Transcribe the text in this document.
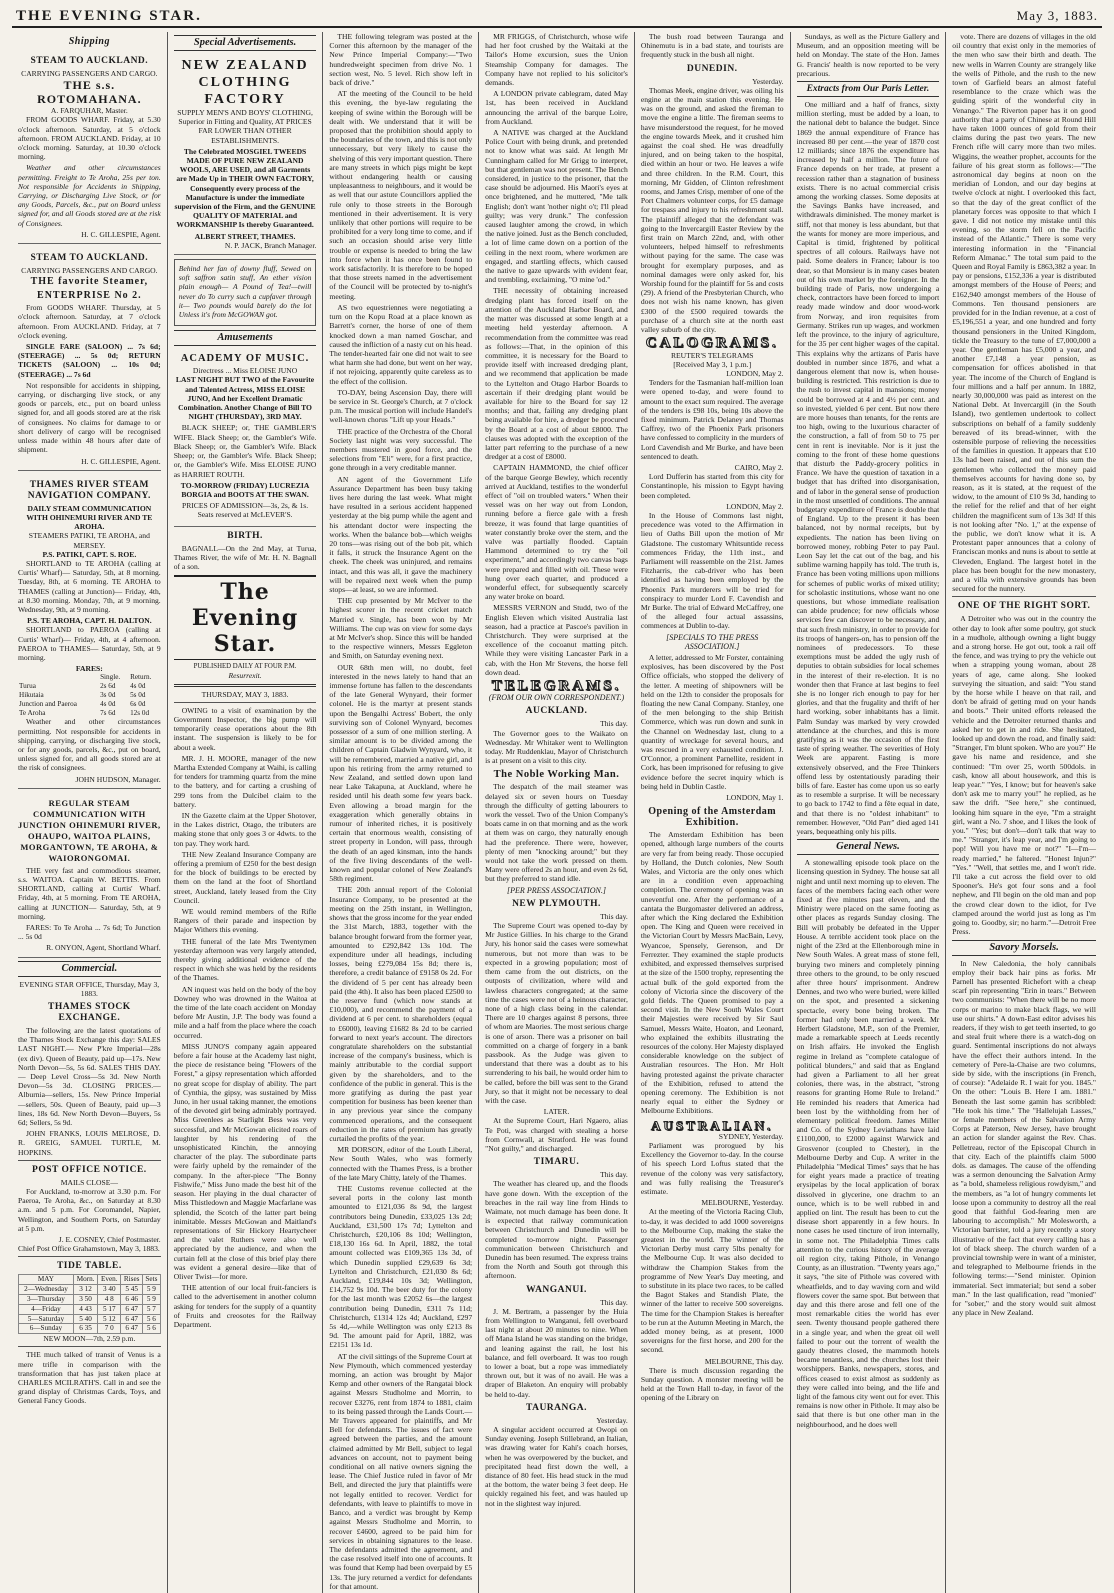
THE EVENING STAR.	May 3, 1883.
Shipping
STEAM TO AUCKLAND.
CARRYING PASSENGERS AND CARGO.
THE s.s. ROTOMAHANA.
A. FARQUHAR, Master.

FROM GOODS WHARF. Friday, at 5.30 o'clock afternoon. Saturday, at 5 o'clock afternoon. FROM AUCKLAND. Friday, at 10 o'clock morning. Saturday, at 10.30 o'clock morning.

Weather and other circumstances permitting. Freight to Te Aroha, 25s per ton. Not responsible for Accidents in Shipping, Carrying, or Discharging Live Stock, or for any Goods, Parcels, &c., put on Board unless signed for, and all Goods stored are at the risk of Consignees.

H. C. GILLESPIE, Agent.
STEAM TO AUCKLAND.
CARRYING PASSENGERS AND CARGO.
THE favorite Steamer, ENTERPRISE No 2.

From GOODS WHARF. Thursday, at 5 o'clock afternoon. Saturday, at 7 o'clock afternoon. From AUCKLAND. Friday, at 7 o'clock evening.

SINGLE FARE (SALOON) ... 7s 6d; (STEERAGE) ... 5s 0d; RETURN TICKETS (SALOON) ... 10s 0d; (STEERAGE) ... 7s 6d

Not responsible for accidents in shipping, carrying, or discharging live stock, or any goods or parcels, etc., put on board unless signed for, and all goods stored are at the risk of consignees. No claims for damage to or short delivery of cargo will be recognised unless made within 48 hours after date of shipment.

H. C. GILLESPIE, Agent.
THAMES RIVER STEAM NAVIGATION COMPANY.
DAILY STEAM COMMUNICATION WITH OHINEMURI RIVER AND TE AROHA.
STEAMERS PATIKI, TE AROHA, and MERSEY.
P.S. PATIKI, CAPT. S. ROE.

SHORTLAND to TE AROHA (calling at Curtis' Wharf)— Saturday, 5th, at 8 morning. Tuesday, 8th, at 6 morning. TE AROHA to THAMES (calling at Junction)— Friday, 4th, at 8.30 morning. Monday, 7th, at 9 morning. Wednesday, 9th, at 9 morning.

P.S. TE AROHA, CAPT. H. DALTON.

SHORTLAND to PAEROA (calling at Curtis' Wharf)— Friday, 4th, at 4 afternoon. PAEROA to THAMES— Saturday, 5th, at 9 morning.

FARES:
	Single.	Return.
Turua	2s 6d	4s 0d
Hikutaia	3s 0d	5s 0d
Junction and Paeroa	4s 0d	6s 0d
Te Aroha	7s 6d	12s 0d

Weather and other circumstances permitting. Not responsible for accidents in shipping, carrying, or discharging live stock, or for any goods, parcels, &c., put on board, unless signed for, and all goods stored are at the risk of consignees.

JOHN HUDSON, Manager.
REGULAR STEAM COMMUNICATION WITH JUNCTION OHINEMURI RIVER, OHAUPO, WAITOA PLAINS, MORGANTOWN, TE AROHA, & WAIORONGOMAI.

THE very fast and commodious steamer, s.s. WAITOA. Captain W. BETTIS. From SHORTLAND, calling at Curtis' Wharf. Friday, 4th, at 5 morning. From TE AROHA, calling at JUNCTION— Saturday, 5th, at 9 morning.

FARES: To Te Aroha ... 7s 6d; To Junction ... 5s 0d

R. ONYON, Agent, Shortland Wharf.
Commercial.
EVENING STAR OFFICE, Thursday, May 3, 1883.
THAMES STOCK EXCHANGE.

The following are the latest quotations of the Thames Stock Exchange this day: SALES LAST NIGHT.— New P'kre Imperial—28s (ex div). Queen of Beauty, paid up—17s. New North Devon—5s, 5s 6d. SALES THIS DAY.— Deep Level Cross—5s 3d. New North Devon—5s 3d. CLOSING PRICES.— Alburnia—sellers, 15s. New Prince Imperial—sellers, 50s. Queen of Beauty, paid up—3 lines, 18s 6d. New North Devon—Buyers, 5s 6d; Sellers, 5s 9d.

JOHN FRANKS, LOUIS MELROSE, D. R. GREIG, SAMUEL TURTLE, M. HOPKINS.

POST OFFICE NOTICE.
MAILS CLOSE—

For Auckland, to-morrow at 3.30 p.m. For Paeroa, Te Aroha, &c., on Saturday at 8.30 a.m. and 5 p.m. For Coromandel, Napier, Wellington, and Southern Ports, on Saturday at 5 p.m.

J. E. COSNEY, Chief Postmaster.
Chief Post Office Grahamstown, May 3, 1883.
TIDE TABLE.
MAY	Morn.	Even.	Rises	Sets
2—Wednesday	3 12	3 40	5 45	5 9
3—Thursday	3 50	4 8	6 46	5 9
4—Friday	4 43	5 17	6 47	5 7
5—Saturday	5 40	5 12	6 47	5 6
6—Sunday	6 35	7 0	6 47	5 6
NEW MOON—7th, 2.59 p.m.

THE much talked of transit of Venus is a mere trifle in comparison with the transformation that has just taken place at CHARLES MCILRATH'S. Call in and see the grand display of Christmas Cards, Toys, and General Fancy Goods.

Special Advertisements.
NEW ZEALAND CLOTHING FACTORY

SUPPLY MEN'S AND BOYS' CLOTHING, Superior in Fitting and Quality, AT PRICES FAR LOWER THAN OTHER ESTABLISHMENTS.

The Celebrated MOSGIEL TWEEDS MADE OF PURE NEW ZEALAND WOOLS, ARE USED, and all Garments are Made Up in THEIR OWN FACTORY, Consequently every process of the Manufacture is under the immediate supervision of the Firm, and the GENUINE QUALITY OF MATERIAL and WORKMANSHIP Is thereby Guaranteed.

ALBERT STREET, THAMES.
N. P. JACK, Branch Manager.

Behind her fan of downy fluff, Sewed on soft saffron satin stuff, An ether vision plain enough— A Pound of Tea!—twill never do To curry such a cupfaver through it— Two pounds would barely do the lot Unless it's from McGOWAN got.

Amusements
ACADEMY OF MUSIC.
Directress ... Miss ELOISE JUNO

LAST NIGHT BUT TWO of the Favourite and Talented Actress, MISS ELOISE JUNO, And her Excellent Dramatic Combination. Another Change of Bill TO NIGHT (THURSDAY), 3RD MAY.

BLACK SHEEP; or, THE GAMBLER'S WIFE. Black Sheep; or, the Gambler's Wife. Black Sheep; or, the Gambler's Wife. Black Sheep; or, the Gambler's Wife. Black Sheep; or, the Gambler's Wife. Miss ELOISE JUNO as HARRIET ROUTH.

TO-MORROW (FRIDAY) LUCREZIA BORGIA and BOOTS AT THE SWAN.

PRICES OF ADMISSION—3s, 2s, & 1s. Seats reserved at McLEVER'S.

BIRTH.

BAGNALL—On the 2nd May, at Turua, Thames River, the wife of Mr. H. N. Bagnall of a son.

The Evening Star.
PUBLISHED DAILY AT FOUR P.M.
Resurrexit.
THURSDAY, MAY 3, 1883.

OWING to a visit of examination by the Government Inspector, the big pump will temporarily cease operations about the 8th instant. The suspension is likely to be for about a week.

MR. J. H. MOORE, manager of the new Martha Extended Company at Waihi, is calling for tenders for tramming quartz from the mine to the battery, and for carting a crushing of 299 tons from the Dulcibel claim to the battery.

IN the Gazette claim at the Upper Shotover, in the Lakes district, Otago, the tributers are making stone that only goes 3 or 4dwts. to the ton pay. They work hard.

THE New Zealand Insurance Company are offering a premium of £250 for the best design for the block of buildings to be erected by them on the land at the foot of Shortland street, Auckland, lately leased from the City Council.

WE would remind members of the Rifle Rangers of their parade and inspection by Major Withers this evening.

THE funeral of the late Mrs Twentymen yesterday afternoon was very largely attended, thereby giving additional evidence of the respect in which she was held by the residents of the Thames.

AN inquest was held on the body of the boy Downey who was drowned in the Waitoa at the time of the late coach accident on Monday before Mr Austin, J.P. The body was found a mile and a half from the place where the coach occurred.

MISS JUNO'S company again appeared before a fair house at the Academy last night, the piece de resistance being "Flowers of the Forest," a gipsy representation which afforded no great scope for display of ability. The part of Cynthia, the gipsy, was sustained by Miss Juno, in her usual taking manner, the emotions of the devoted girl being admirably portrayed. Miss Greenlees as Starlight Bess was very successful, and Mr McGowan elicited roars of laughter by his rendering of the unsophisticated Kinchin, the annoying character of the play. The subordinate parts were fairly upheld by the remainder of the company. In the after-piece "The Bonny Fishwife," Miss Juno made the best hit of the season. Her playing in the dual character of Miss Thistledown and Maggie Macfarlane was splendid, the Scotch of the latter part being inimitable. Messrs McGowan and Maitland's representations of Sir Hickory Heartycheer and the valet Ruthers were also well appreciated by the audience, and when the curtain fell at the close of this brief play there was evident a general desire—like that of Oliver Twist—for more.

THE attention of our local fruit-fanciers is called to the advertisement in another column asking for tenders for the supply of a quantity of Fruits and creosotes for the Railway Department.

THE following telegram was posted at the Corner this afternoon by the manager of the New Prince Imperial Company:—"Two hundredweight specimen from drive No. 1 section west, No. 5 level. Rich show left in back of drive."

AT the meeting of the Council to be held this evening, the bye-law regulating the keeping of swine within the Borough will be dealt with. We understand that it will be proposed that the prohibition should apply to the boundaries of the town, and this is not only unnecessary, but very likely to cause the shelving of this very important question. There are many streets in which pigs might be kept without endangering health or causing unpleasantness to neighbours, and it would be as well that our astute Councillors applied the rule only to those streets in the Borough mentioned in their advertisement. It is very unlikely that other portions will require to be prohibited for a very long time to come, and if such an occasion should arise very little trouble or expense is needed to bring the law into force when it has once been found to work satisfactorily. It is therefore to be hoped that those streets named in the advertisement of the Council will be protected by to-night's meeting.

AS two equestriennes were negotiating a turn on the Kopu Road at a place known as Barrett's corner, the horse of one of them knocked down a man named Goschar, and caused the infliction of a nasty cut on his head. The tender-hearted fair one did not wait to see what harm she had done, but went on her way, if not rejoicing, apparently quite careless as to the effect of the collision.

TO-DAY, being Ascension Day, there will be service in St. George's Church, at 7 o'clock p.m. The musical portion will include Handel's well-known chorus "Lift up your Heads."

THE practice of the Orchestra of the Choral Society last night was very successful. The members mustered in good force, and the selections from "Eli" were, for a first practice, gone through in a very creditable manner.

AN agent of the Government Life Assurance Department has been busy taking lives here during the last week. What might have resulted in a serious accident happened yesterday at the big pump while the agent and his attendant doctor were inspecting the works. When the balance bob—which weighs 20 tons—was rising out of the bob pit, which it falls, it struck the Insurance Agent on the cheek. The cheek was uninjured, and remains intact, and this was all, it gave the machinery will be repaired next week when the pump stops—at least, so we are informed.

THE cup presented by Mr McIver to the highest scorer in the recent cricket match Married v. Single, has been won by Mr Williams. The cup was on view for some days at Mr McIver's shop. Since this will be handed to the respective winners, Messrs Eggleton and Smith, on Saturday evening next.

OUR 68th men will, no doubt, feel interested in the news lately to hand that an immense fortune has fallen to the descendants of the late General Wynyard, their former colonel. He is the martyr at present stands upon the Bengalhi Actress' Bobert, the only surviving son of Colonel Wynyard, becomes possessor of a sum of one million sterling. A similar amount is to be divided among the children of Captain Gladwin Wynyard, who, it will be remembered, married a native girl, and upon his retiring from the army returned to New Zealand, and settled down upon land near Lake Takapuna, at Auckland, where he resided until his death some few years back. Even allowing a broad margin for the exaggeration which generally obtains in rumour of inherited riches, it is positively certain that enormous wealth, consisting of street property in London, will pass, through the death of an aged kinsman, into the hands of the five living descendants of the well-known and popular colonel of New Zealand's 58th regiment.

THE 20th annual report of the Colonial Insurance Company, to be presented at the meeting on the 25th instant, in Wellington, shows that the gross income for the year ended the 31st March, 1883, together with the balance brought forward from the former year, amounted to £292,842 13s 10d. The expenditure under all headings, including losses, being £279,084 15s 8d; there is, therefore, a credit balance of £9158 0s 2d. For the dividend of 5 per cent has already been paid (the 4th). It also has been placed £2500 to the reserve fund (which now stands at £10,000), and recommend the payment of a dividend at 6 per cent. to shareholders (equal to £6000), leaving £1682 8s 2d to be carried forward to next year's account. The directors congratulate shareholders on the substantial increase of the company's business, which is mainly attributable to the cordial support given by the shareholders, and to the confidence of the public in general. This is the more gratifying as during the past year competition for business has been keener than in any previous year since the company commenced operations, and the consequent reduction in the rates of premium has greatly curtailed the profits of the year.

MR DORSON, editor of the Louth Liberal, New South Wales, who was formerly connected with the Thames Press, is a brother of the late Mary Chitty, lately of the Thames.

THE Customs revenue collected at the several ports in the colony last month amounted to £121,036 8s 9d, the largest contributors being Dunedin, £33,025 13s 2d; Auckland, £31,500 17s 7d; Lyttelton and Christchurch, £20,106 8s 10d; Wellington, £18,130 16s 6d. In April, 1882, the total amount collected was £109,365 13s 3d, of which Dunedin supplied £29,639 6s 3d; Lyttelton and Christchurch, £21,030 8s 6d; Auckland, £19,844 10s 3d; Wellington, £14,752 9s 10d. The beer duty for the colony for the last month was £2052 6s—the largest contribution being Dunedin, £311 7s 11d; Christchurch, £1314 12s 4d; Auckland, £297 5s 4d,—while Wellington was only £213 8s 9d. The amount paid for April, 1882, was £2151 13s 1d.

AT the civil sittings of the Supreme Court at New Plymouth, which commenced yesterday morning, an action was brought by Major Kemp and other owners of the Rangatai block against Messrs Studholme and Morrin, to recover £3276, rent from 1874 to 1881, claim to its being passed through the Lands Court.—Mr Travers appeared for plaintiffs, and Mr Bell for defendants. The issues of fact were agreed between the parties, and the amount claimed admitted by Mr Bell, subject to legal advances on account, not to payment being conditional on all native owners signing the lease. The Chief Justice ruled in favor of Mr Bell, and directed the jury that plaintiffs were not legally entitled to recover. Verdict for defendants, with leave to plaintiffs to move in Banco, and a verdict was brought by Kemp against Messrs Studholme and Morrin, to recover £4600, agreed to be paid him for services in obtaining signatures to the lease. The defendants admitted the agreement, and the case resolved itself into one of accounts. It was found that Kemp had been overpaid by £5 13s. The jury returned a verdict for defendants for that amount.

MR FRIGGS, of Christchurch, whose wife had her foot crushed by the Waitaki at the Tailor's Home excursion, sues the Union Steamship Company for damages. The Company have not replied to his solicitor's demands.

A LONDON private cablegram, dated May 1st, has been received in Auckland announcing the arrival of the barque Loire, from Auckland.

A NATIVE was charged at the Auckland Police Court with being drunk, and pretended not to know what was said. At length Mr Cunningham called for Mr Grigg to interpret, but that gentleman was not present. The Bench considered, in justice to the prisoner, that the case should be adjourned. His Maori's eyes at once brightened, and he muttered, "Me talk English; don't want 'nother night o't; I'll plead guilty; was very drunk." The confession caused laughter among the crowd, in which the native joined. Just as the Bench concluded, a lot of lime came down on a portion of the ceiling in the next room, where workmen are engaged, and startling effects, which caused the native to gaze upwards with evident fear, and trembling, exclaiming, "O mine 'od."

THE necessity of obtaining increased dredging plant has forced itself on the attention of the Auckland Harbor Board, and the matter was discussed at some length at a meeting held yesterday afternoon. A recommendation from the committee was read as follows:—That, in the opinion of this committee, it is necessary for the Board to provide itself with increased dredging plant, and we recommend that application be made to the Lyttelton and Otago Harbor Boards to ascertain if their dredging plant would be available for hire to the Board for say 12 months; and that, failing any dredging plant being available for hire, a dredger be procured by the Board at a cost of about £8000. The clauses was adopted with the exception of the latter part referring to the purchase of a new dredger at a cost of £8000.

CAPTAIN HAMMOND, the chief officer of the barque George Bewley, which recently arrived at Auckland, testifies to the wonderful effect of "oil on troubled waters." When their vessel was on her way out from London, running before a fierce gale with a fresh breeze, it was found that large quantities of water constantly broke over the stern, and the valve was partially flooded. Captain Hammond determined to try the "oil experiment," and accordingly two canvas bags were prepared and filled with oil. These were hung over each quarter, and produced a wonderful effect, for subsequently scarcely any water broke on board.

MESSRS VERNON and Studd, two of the English Eleven which visited Australia last season, had a practice at Pascoe's pavilion in Christchurch. They were surprised at the excellence of the cocoanut matting pitch. While they were visiting Lancaster Park in a cab, with the Hon Mr Stevens, the horse fell down dead.

TELEGRAMS.
(FROM OUR OWN CORRESPONDENT.)
AUCKLAND.
This day.

The Governor goes to the Waikato on Wednesday. Mr Whitaker went to Wellington today. Mr Ruddenklau, Mayor of Christchurch is at present on a visit to this city.

The Noble Working Man.

The despatch of the mail steamer was delayed six or seven hours on Tuesday through the difficulty of getting labourers to work the vessel. Two of the Union Company's boats came in on that morning and as the work at them was on cargo, they naturally enough had the preference. There were, however, plenty of men "knocking around;" but they would not take the work pressed on them. Many were offered 2s an hour, and even 2s 6d, but they preferred to stand idle.

[PER PRESS ASSOCIATION.]
NEW PLYMOUTH.
This day.

The Supreme Court was opened to-day by Mr Justice Gillies. In his charge to the Grand Jury, his honor said the cases were somewhat numerous, but not more than was to be expected in a growing population; most of them came from the out districts, on the outposts of civilization, where wild and lawless characters congregated; at the same time the cases were not of a heinous character, none of a high class being in the calendar. There are 10 charges against 8 persons, three of whom are Maories. The most serious charge is one of arson. There was a prisoner on bail committed on a charge of forgery in a bank passbook. As the Judge was given to understand that there was a doubt as to his surrendering to his bail, he would order him to be called, before the bill was sent to the Grand Jury, so that it might not be necessary to deal with the case.

LATER.

At the Supreme Court, Hari Ngaero, alias Te Poti, was charged with stealing a horse from Cornwall, at Stratford. He was found "Not guilty," and discharged.

TIMARU.
This day.

The weather has cleared up, and the floods have gone down. With the exception of the breaches in the rail way line from Hinds to Waimate, not much damage has been done. It is expected that railway communication between Christchurch and Dunedin will be completed to-morrow night. Passenger communication between Christchurch and Dunedin has been resumed. The express trains from the North and South got through this afternoon.

WANGANUI.
This day.

J. M. Bertram, a passenger by the Huia from Wellington to Wanganui, fell overboard last night at about 20 minutes to nine. When off Mana Island he was standing on the bridge, and leaning against the rail, he lost his balance, and fell overboard. It was too rough to lower a boat, but a rope was immediately thrown out, but it was of no avail. He was a draper of Blaketon. An enquiry will probably be held to-day.

TAURANGA.
Yesterday.

A singular accident occurred at Owopi on Sunday evening. Joseph Stillebrand, an Italian, was drawing water for Kahi's coach horses, when he was overpowered by the bucket, and precipitated head first down the well, a distance of 80 feet. His head stuck in the mud at the bottom, the water being 3 feet deep. He quickly regained his feet, and was hauled up not in the slightest way injured.

The bush road between Tauranga and Ohinemutu is in a bad state, and tourists are frequently stuck in the bush all night.

DUNEDIN.
Yesterday.

Thomas Meek, engine driver, was oiling his engine at the main station this evening. He was on the ground, and asked the fireman to move the engine a little. The fireman seems to have misunderstood the request, for he moved the engine towards Meek, and it crushed him against the coal shed. He was dreadfully injured, and on being taken to the hospital, died within an hour or two. He leaves a wife and three children. In the R.M. Court, this morning, Mr Gidden, of Clinton refreshment rooms, and James Crisp, member of one of the Port Chalmers volunteer corps, for £5 damage for trespass and injury to his refreshment stall. The plaintiff alleged that the defendant was going to the Invercargill Easter Review by the first train on March 22nd, and, with other volunteers, helped himself to refreshments without paying for the same. The case was brought for exemplary purposes, and as nominal damages were only asked for, his Worship found for the plaintiff for 5s and costs (29). A friend of the Presbyterian Church, who does not wish his name known, has given £300 of the £500 required towards the purchase of a church site at the north east valley suburb of the city.

CALOGRAMS.
REUTER'S TELEGRAMS
[Received May 3, 1 p.m.]
LONDON, May 2.

Tenders for the Tasmanian half-million loan were opened to-day, and were found to amount to the exact sum required. The average of the tenders is £98 10s, being 10s above the fixed minimum. Patrick Delaney and Thomas Caffrey, two of the Phoenix Park prisoners have confessed to complicity in the murders of Lord Cavendish and Mr Burke, and have been sentenced to death.

CAIRO, May 2.

Lord Dufferin has started from this city for Constantinople, his mission to Egypt having been completed.

LONDON, May 2.

In the House of Commons last night, precedence was voted to the Affirmation in lieu of Oaths Bill upon the motion of Mr Gladstone. The customary Whitsuntide recess commences Friday, the 11th inst., and Parliament will reassemble on the 21st. James Fitzharris, the cab-driver who has been identified as having been employed by the Phoenix Park murderers will be tried for conspiracy to murder Lord F. Cavendish and Mr Burke. The trial of Edward McCaffrey, one of the alleged four actual assassins, commences at Dublin to-day.

[SPECIALS TO THE PRESS ASSOCIATION.]

A letter, addressed to Mr Forster, containing explosives, has been discovered by the Post Office officials, who stopped the delivery of the letter. A meeting of shipowners will be held on the 12th to consider the proposals for floating the new Canal Company. Stanley, one of the men belonging to the ship British Commerce, which was run down and sunk in the Channel on Wednesday last, clung to a quantity of wreckage for several hours, and was rescued in a very exhausted condition. J. O'Connor, a prominent Parnellite, resident in Cork, has been imprisoned for refusing to give evidence before the secret inquiry which is being held in Dublin Castle.

LONDON, May 1.
Opening of the Amsterdam Exhibition.

The Amsterdam Exhibition has been opened, although large numbers of the courts are very far from being ready. Those occupied by Holland, the Dutch colonies, New South Wales, and Victoria are the only ones which are in a condition even approaching completion. The ceremony of opening was an uneventful one. After the performance of a cantata the Burgomaster delivered an address, after which the King declared the Exhibition open. The King and Queen were received in the Victorian Court by Messrs MacBain, Levy, Wyancoe, Spensely, Gerenson, and Dr Ferrezter. They examined the staple products exhibited, and expressed themselves surprised at the size of the 1500 trophy, representing the actual bulk of the gold exported from the colony of Victoria since the discovery of the gold fields. The Queen promised to pay a second visit. In the New South Wales Court their Majesties were received by Sir Saul Samuel, Messrs Waite, Hoaton, and Leonard, who explained the exhibits illustrating the resources of the colony. Her Majesty displayed considerable knowledge on the subject of Australian resources. The Hon. Mr Holt having protested against the private character of the Exhibition, refused to attend the opening ceremony. The Exhibition is not nearly equal to either the Sydney or Melbourne Exhibitions.

AUSTRALIAN.
SYDNEY, Yesterday.

Parliament was prorogued by his Excellency the Governor to-day. In the course of his speech Lord Loftus stated that the revenue of the colony was very satisfactory, and was fully realising the Treasurer's estimate.

MELBOURNE, Yesterday.

At the meeting of the Victoria Racing Club, to-day, it was decided to add 1000 sovereigns to the Melbourne Cup, making the stake the greatest in the world. The winner of the Victorian Derby must carry 5lbs penalty for the Melbourne Cup. It was also decided to withdraw the Champion Stakes from the programme of New Year's Day meeting, and to substitute in its place two races, to be called the Bagot Stakes and Standish Plate, the winner of the latter to receive 500 sovereigns. The time for the Champion Stakes is hereafter to be run at the Autumn Meeting in March, the added money being, as at present, 1000 sovereigns for the first horse, and 200 for the second.

MELBOURNE, This day.

There is much discussion regarding the Sunday question. A monster meeting will be held at the Town Hall to-day, in favor of the opening of the Library on

Sundays, as well as the Picture Gallery and Museum, and an opposition meeting will be held on Monday. The state of the Hon. James G. Francis' health is now reported to be very precarious.

Extracts from Our Paris Letter.

One milliard and a half of francs, sixty million sterling, must be added by a loan, to the national debt to balance the budget. Since 1869 the annual expenditure of France has increased 80 per cent.—the year of 1870 cost 12 milliards; since 1876 the expenditure has increased by half a million. The future of France depends on her trade, at present a recession rather than a stagnation of business exists. There is no actual commercial crisis among the working classes. Some deposits at the Savings Banks have increased, and withdrawals diminished. The money market is stiff, not that money is less abundant, but that the wants for money are more imperious, and Capital is timid, frightened by political spectres of all colours. Railways have not paid. Some dealers in France; labour is too dear, so that Monsieur is in many cases beaten out of his own market by the foreigner. In the building trade of Paris, now undergoing a check, contractors have been forced to import ready made window and door wood-work from Norway, and iron requisites from Germany. Strikes run up wages, and workmen left the province, to the injury of agriculture, for the 35 per cent higher wages of the capital. This explains why the artizans of Paris have doubled in number since 1876, and what a dangerous element that now is, when house-building is restricted. This restriction is due to the rush to invest capital in mansions; money could be borrowed at 4 and 4½ per cent. and so invested, yielded 6 per cent. But now there are more houses than tenants, for the rents are too high, owing to the luxurious character of the construction, a fall of from 50 to 75 per cent in rent is inevitable. Nor is it just the coming to the front of these home questions that disturb the Paddy-grocery politics in France. We have the question of taxation in a budget that has drifted into disorganisation, and of labor in the general sense of production in the most unsettled of conditions. The annual budgetary expenditure of France is double that of England. Up to the present it has been balanced, not by normal receipts, but by expedients. The nation has been living on borrowed money, robbing Peter to pay Paul. Leon Say let the cat out of the bag, and his sublime warning happily has told. The truth is, France has been voting millions upon millions for schemes of public works of mixed utility; for scholastic institutions, whose want no one questions, but whose immediate realisation can abide prudence; for new officials whose services few can discover to be necessary, and that such fresh ministry, in order to provide for its troops of hangers-on, has to pension off the nominees of predecessors. To these exemptions must be added the ugly rush of deputies to obtain subsidies for local schemes in the interest of their re-election. It is no wonder then that France at last begins to feel she is no longer rich enough to pay for her glories, and that the frugality and thrift of her hard working, sober inhabitants has a limit. Palm Sunday was marked by very crowded attendance at the churches, and this is more gratifying as it was the occasion of the first taste of spring weather. The severities of Holy Week are apparent. Fasting is more extensively observed, and the Free Thinkers offend less by ostentatiously parading their bills of fare. Easter has come upon us so early as to resemble a surprise. It will be necessary to go back to 1742 to find a fête equal in date, and that there is no "oldest inhabitant" to remember. However, "Old Parr" died aged 141 years, bequeathing only his pills.

General News.

A stonewalling episode took place on the licensing question in Sydney. The house sat all night and until next morning up to eleven. The faces of the members facing each other were fixed at five minutes past eleven, and the Ministry were placed on the same footing as other places as regards Sunday closing. The Bill will probably be defeated in the Upper House. A terrible accident took place on the night of the 23rd at the Ellenborough mine in New South Wales. A great mass of stone fell, burying two miners and completely pinning three others to the ground, to be only rescued after three hours' imprisonment. Andrew Dennes, and two who were buried, were killed on the spot, and presented a sickening spectacle, every bone being broken. The former had only been married a week. Mr Herbert Gladstone, M.P., son of the Premier, made a remarkable speech at Leeds recently on Irish affairs. He invoked the English regime in Ireland as "complete catalogue of political blunders," and said that as England had given a Parliament to all her great colonies, there was, in the abstract, "strong reasons for granting Home Rule to Ireland." He reminded his readers that America had been lost by the withholding from her of elementary political freedom. James Miller and Co. of the Sydney Leviathans have laid £1100,000, to £2000 against Warwick and Grosvenor (coupled to Chester), in the Melbourne Derby and Cup. A writer in the Philadelphia "Medical Times" says that he has for eight years made a practice of treating erysipelas by the local application of borax dissolved in glycerine, one drachm to an ounce, which is to be well rubbed in and applied on lint. The result has been to cut the disease short apparently in a few hours. In none cases he used tincture of iron internally, in some not. The Philadelphia Times calls attention to the curious history of the average oil region city, taking Pithole, in Venango County, as an illustration. "Twenty years ago," it says, "the site of Pithole was covered with wheatfields, and to day waving corn and wild flowers cover the same spot. But between that day and this there arose and fell one of the most remarkable cities the world has ever seen. Twenty thousand people gathered there in a single year, and when the great oil well failed to pour out the torrent of wealth the gaudy theatres closed, the mammoth hotels became tenantless, and the churches lost their worshippers. Banks, newspapers, stores, and offices ceased to exist almost as suddenly as they were called into being, and the life and light of the famous city went out for ever. This remains is now other in Pithole. It may also be said that there is but one other man in the neighbourhood, and he does well

vote. There are dozens of villages in the old oil country that exist only in the memories of the men who saw their birth and death. The new wells in Warren County are strangely like the wells of Pithole, and the rush to the new town of Garfield bears an almost fateful resemblance to the craze which was the guiding spirit of the wonderful city in Venango." The Riverton paper has it on good authority that a party of Chinese at Round Hill have taken 1000 ounces of gold from their claims during the past two years. The new French rifle will carry more than two miles. Wiggins, the weather prophet, accounts for the failure of his great storm as follows:—"The astronomical day begins at noon on the meridian of London, and our day begins at twelve o'clock at night. I overlooked this fact, so that the day of the great conflict of the planetary forces was opposite to that which I gave. I did not notice my mistake until this evening, so the storm fell on the Pacific instead of the Atlantic." There is some very interesting information in the "Financial Reform Almanac." The total sum paid to the Queen and Royal Family is £863,382 a year. In pay or pensions, £152,336 a year is distributed amongst members of the House of Peers; and £162,940 amongst members of the House of Commons. Ten thousand pensioners are provided for in the Indian revenue, at a cost of £5,196,551 a year, and one hundred and forty thousand pensioners in the United Kingdom, tickle the Treasury to the tune of £7,000,000 a year. One gentleman has £5,000 a year, and another £7,148 a year pension, as compensation for offices abolished in that year. The income of the Church of England is four millions and a half per annum. In 1882, nearly 30,000,000 was paid as interest on the National Debt. At Invercargill (in the South Island), two gentlemen undertook to collect subscriptions on behalf of a family suddenly bereaved of its bread-winner, with the ostensible purpose of relieving the necessities of the families in question. It appears that £10 13s had been raised, and out of this sum the gentlemen who collected the money paid themselves accounts for having done so, by reason, as it is stated, at the request of the widow, to the amount of £10 9s 3d, handing to the relief for the relief and that of her eight children the magnificent sum of 13s 3d! If this is not looking after "No. 1," at the expense of the public, we don't know what it is. A Protestant paper announces that a colony of Franciscan monks and nuns is about to settle at Cleveden, England. The largest hotel in the place has been bought for the new monastery, and a villa with extensive grounds has been secured for the nunnery.

ONE OF THE RIGHT SORT.

A Detroiter who was out in the country the other day to look after some poultry, got stuck in a mudhole, although owning a light buggy and a strong horse. He got out, took a rail off the fence, and was trying to pry the vehicle out when a strapping young woman, about 28 years of age, came along. She looked surveying the situation, and said: "You stand by the horse while I heave on that rail, and don't be afraid of getting mud on your hands and boots." Their united efforts released the vehicle and the Detroiter returned thanks and asked her to get in and ride. She hesitated, looked up and down the road, and finally said: "Stranger, I'm blunt spoken. Who are you?" He gave his name and residence, and she continued: "I'm over 25, worth 500dols. in cash, know all about housework, and this is leap year." "Yes, I know; but for heaven's sake don't ask me to marry you!" he replied, as he saw the drift. "See here," she continued, looking him square in the eye, "I'm a straight girl, want a No. 7 shoe, and I likes the look of you." "Yes; but don't—don't talk that way to me." "Stranger, it's leap year, and I'm going to pop! Will you have me or not?" "I—I'm—ready married," he faltered. "Honest Injun?" "Yes." "Well, that settles me, and I won't ride. I'll take a cut across the field over to old Spooner's. He's got four sons and a fool nephew, and I'll begin on the old man and pop the crowd clear down to the idiot, for I've clamped around the world just as long as I'm going to. Goodby, sir; no harm."—Detroit Free Press.

Savory Morsels.

In New Caledonia, the holy cannibals employ their back hair pins as forks. Mr Parnell has presented Richefort with a cheap scarf pin representing "Erin in tears." Between two communists: "When there will be no more corps or marino to make black flags, we will use our shirts." A down-East editor advises his readers, if they wish to get teeth inserted, to go and steal fruit where there is a watch-dog on guard. Sentimental inscriptions do not always have the effect their authors intend. In the cemetery of Pere-la-Chaise are two columns, side by side, with the inscriptions (in French, of course): "Adelaide R. I wait for you. 1845." On the other: "Louis B. Here I am. 1881." Beneath the last some gamin has scribbled: "He took his time." The "Hallelujah Lasses," or female members of the Salvation Army Corps at Paterson, New Jersey, have brought an action for slander against the Rev. Chas. Pelletreau, rector of the Episcopal Church in that city. Each of the plaintiffs claim 5000 dols. as damages. The cause of the offending was a sermon denouncing the Salvation Army as "a bold, shameless religious rowdyism," and the members, as "a lot of hungry comments let loose upon a community to destroy all the real good that faithful God-fearing men are labouring to accomplish." Mr Molesworth, a Victorian barrister, told a jury recently a story illustrative of the fact that every calling has a lot of black sheep. The church warden of a provincial township were in want of a minister, and telegraphed to Melbourne friends in the following terms:—"Send minister. Opinion immaterial. Sect immaterial; but send a sober man." In the last qualification, read "monied" for "sober," and the story would suit almost any place in New Zealand.
